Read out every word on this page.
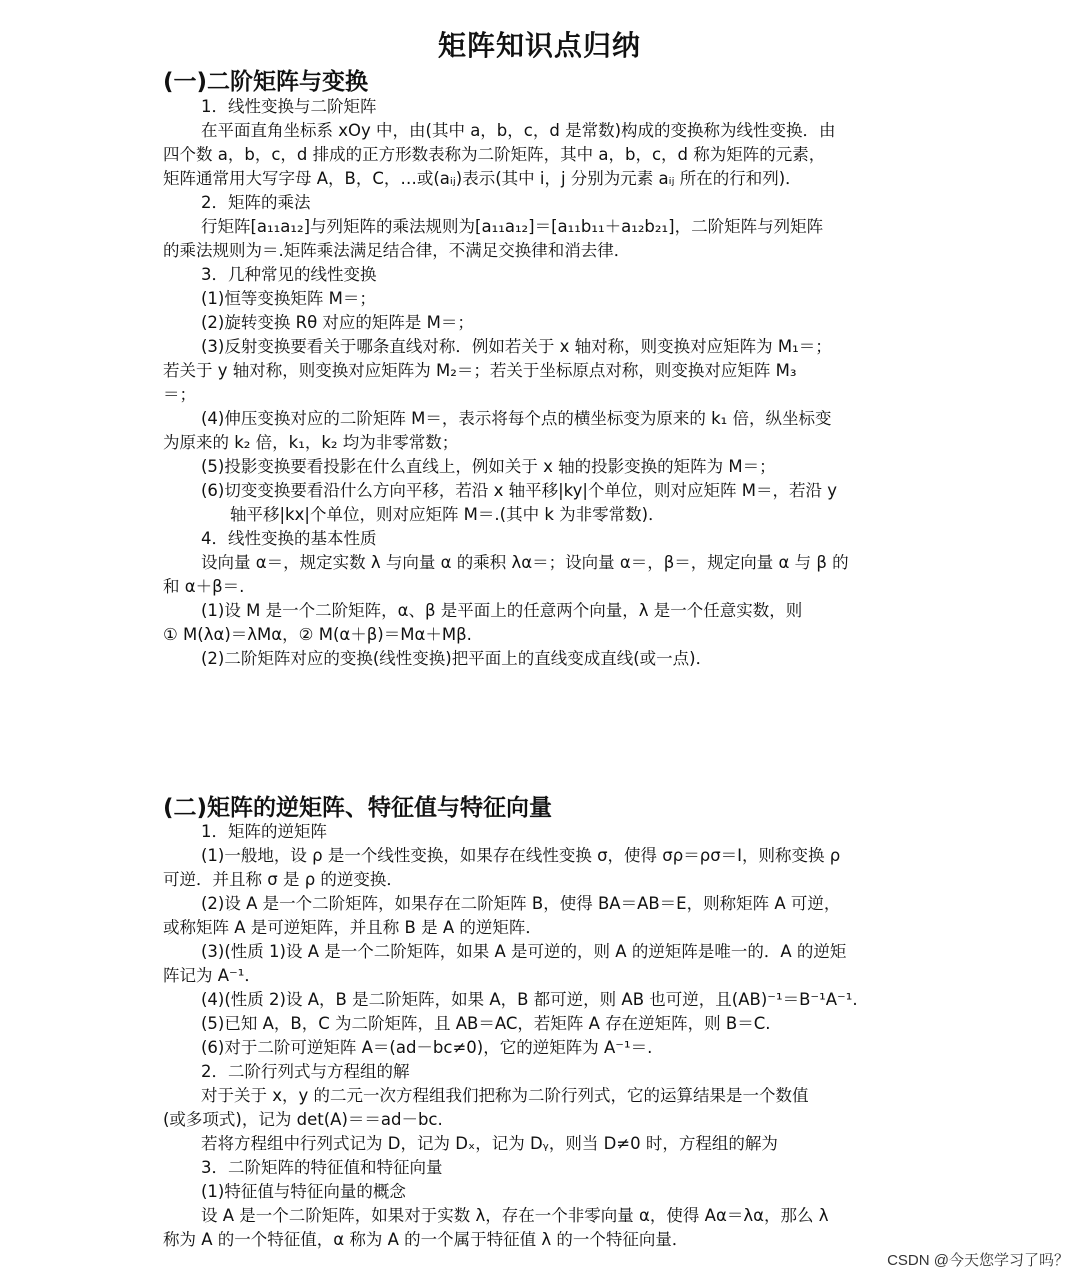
矩阵知识点归纳
(一)二阶矩阵与变换

1．线性变换与二阶矩阵

在平面直角坐标系 xOy 中，由(其中 a，b，c，d 是常数)构成的变换称为线性变换．由

四个数 a，b，c，d 排成的正方形数表称为二阶矩阵，其中 a，b，c，d 称为矩阵的元素，

矩阵通常用大写字母 A，B，C，…或(aᵢⱼ)表示(其中 i，j 分别为元素 aᵢⱼ 所在的行和列)．

2．矩阵的乘法

行矩阵[a₁₁a₁₂]与列矩阵的乘法规则为[a₁₁a₁₂]＝[a₁₁b₁₁＋a₁₂b₂₁]，二阶矩阵与列矩阵

的乘法规则为＝.矩阵乘法满足结合律，不满足交换律和消去律．

3．几种常见的线性变换

(1)恒等变换矩阵 M＝；

(2)旋转变换 Rθ 对应的矩阵是 M＝；

(3)反射变换要看关于哪条直线对称．例如若关于 x 轴对称，则变换对应矩阵为 M₁＝；

若关于 y 轴对称，则变换对应矩阵为 M₂＝；若关于坐标原点对称，则变换对应矩阵 M₃

＝；

(4)伸压变换对应的二阶矩阵 M＝，表示将每个点的横坐标变为原来的 k₁ 倍，纵坐标变

为原来的 k₂ 倍，k₁，k₂ 均为非零常数；

(5)投影变换要看投影在什么直线上，例如关于 x 轴的投影变换的矩阵为 M＝；

(6)切变变换要看沿什么方向平移，若沿 x 轴平移|ky|个单位，则对应矩阵 M＝，若沿 y

轴平移|kx|个单位，则对应矩阵 M＝.(其中 k 为非零常数)．

4．线性变换的基本性质

设向量 α＝，规定实数 λ 与向量 α 的乘积 λα＝；设向量 α＝，β＝，规定向量 α 与 β 的

和 α＋β＝.

(1)设 M 是一个二阶矩阵，α、β 是平面上的任意两个向量，λ 是一个任意实数，则

① M(λα)＝λMα，② M(α＋β)＝Mα＋Mβ.

(2)二阶矩阵对应的变换(线性变换)把平面上的直线变成直线(或一点)．

(二)矩阵的逆矩阵、特征值与特征向量

1．矩阵的逆矩阵

(1)一般地，设 ρ 是一个线性变换，如果存在线性变换 σ，使得 σρ＝ρσ＝I，则称变换 ρ

可逆．并且称 σ 是 ρ 的逆变换．

(2)设 A 是一个二阶矩阵，如果存在二阶矩阵 B，使得 BA＝AB＝E，则称矩阵 A 可逆，

或称矩阵 A 是可逆矩阵，并且称 B 是 A 的逆矩阵．

(3)(性质 1)设 A 是一个二阶矩阵，如果 A 是可逆的，则 A 的逆矩阵是唯一的．A 的逆矩

阵记为 A⁻¹．

(4)(性质 2)设 A，B 是二阶矩阵，如果 A，B 都可逆，则 AB 也可逆，且(AB)⁻¹＝B⁻¹A⁻¹.

(5)已知 A，B，C 为二阶矩阵，且 AB＝AC，若矩阵 A 存在逆矩阵，则 B＝C.

(6)对于二阶可逆矩阵 A＝(ad－bc≠0)，它的逆矩阵为 A⁻¹＝.

2．二阶行列式与方程组的解

对于关于 x，y 的二元一次方程组我们把称为二阶行列式，它的运算结果是一个数值

(或多项式)，记为 det(A)＝＝ad－bc.

若将方程组中行列式记为 D，记为 Dₓ，记为 Dᵧ，则当 D≠0 时，方程组的解为

3．二阶矩阵的特征值和特征向量

(1)特征值与特征向量的概念

设 A 是一个二阶矩阵，如果对于实数 λ，存在一个非零向量 α，使得 Aα＝λα，那么 λ

称为 A 的一个特征值，α 称为 A 的一个属于特征值 λ 的一个特征向量．

CSDN @今天您学习了吗？
